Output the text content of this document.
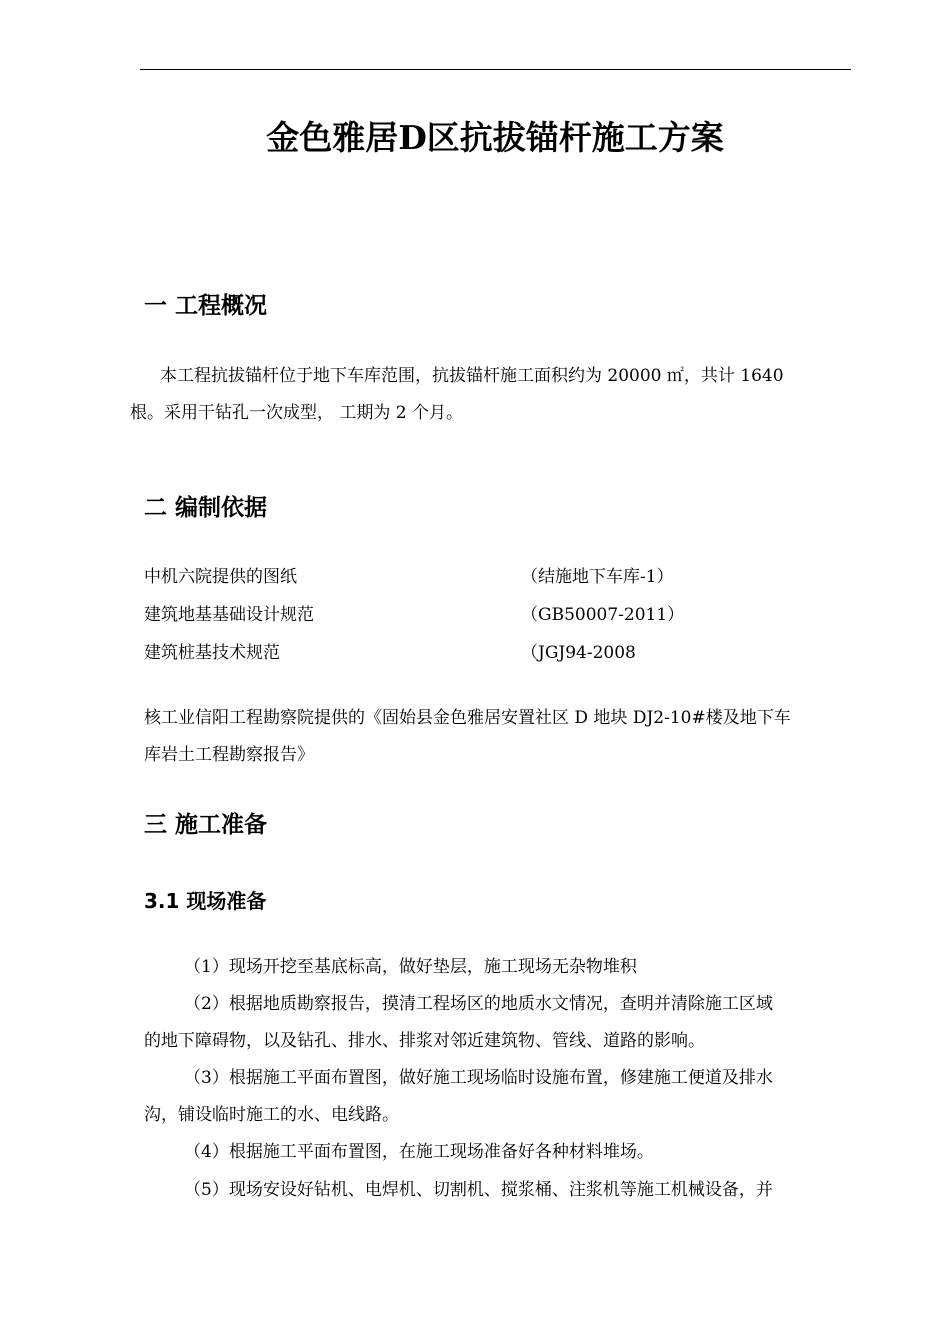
金色雅居D区抗拔锚杆施工方案
一 工程概况
本工程抗拔锚杆位于地下车库范围，抗拔锚杆施工面积约为 20000 ㎡，共计 1640
根。采用干钻孔一次成型， 工期为 2 个月。
二 编制依据
中机六院提供的图纸	（结施地下车库-1）
建筑地基基础设计规范	（GB50007-2011）
建筑桩基技术规范	（JGJ94-2008
核工业信阳工程勘察院提供的《固始县金色雅居安置社区 D 地块 DJ2-10#楼及地下车
库岩土工程勘察报告》
三 施工准备
3.1 现场准备
（1）现场开挖至基底标高，做好垫层，施工现场无杂物堆积
（2）根据地质勘察报告，摸清工程场区的地质水文情况，查明并清除施工区域
的地下障碍物，以及钻孔、排水、排浆对邻近建筑物、管线、道路的影响。
（3）根据施工平面布置图，做好施工现场临时设施布置，修建施工便道及排水
沟，铺设临时施工的水、电线路。
（4）根据施工平面布置图，在施工现场准备好各种材料堆场。
（5）现场安设好钻机、电焊机、切割机、搅浆桶、注浆机等施工机械设备，并
